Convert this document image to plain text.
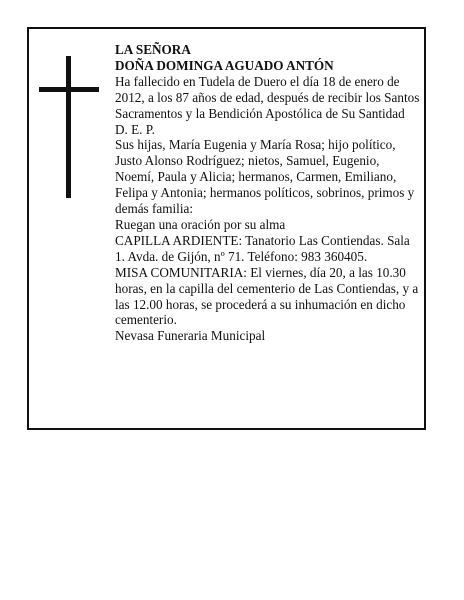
LA SEÑORA

DOÑA DOMINGA AGUADO ANTÓN

Ha fallecido en Tudela de Duero el día 18 de enero de 2012, a los 87 años de edad, después de recibir los Santos Sacramentos y la Bendición Apostólica de Su Santidad

D. E. P.

Sus hijas, María Eugenia y María Rosa; hijo político, Justo Alonso Rodríguez; nietos, Samuel, Eugenio, Noemí, Paula y Alicia; hermanos, Carmen, Emiliano, Felipa y Antonia; hermanos políticos, sobrinos, primos y demás familia:

Ruegan una oración por su alma

CAPILLA ARDIENTE: Tanatorio Las Contiendas. Sala 1. Avda. de Gijón, nº 71. Teléfono: 983 360405.

MISA COMUNITARIA: El viernes, día 20, a las 10.30 horas, en la capilla del cementerio de Las Contiendas, y a las 12.00 horas, se procederá a su inhumación en dicho cementerio.

Nevasa Funeraria Municipal
